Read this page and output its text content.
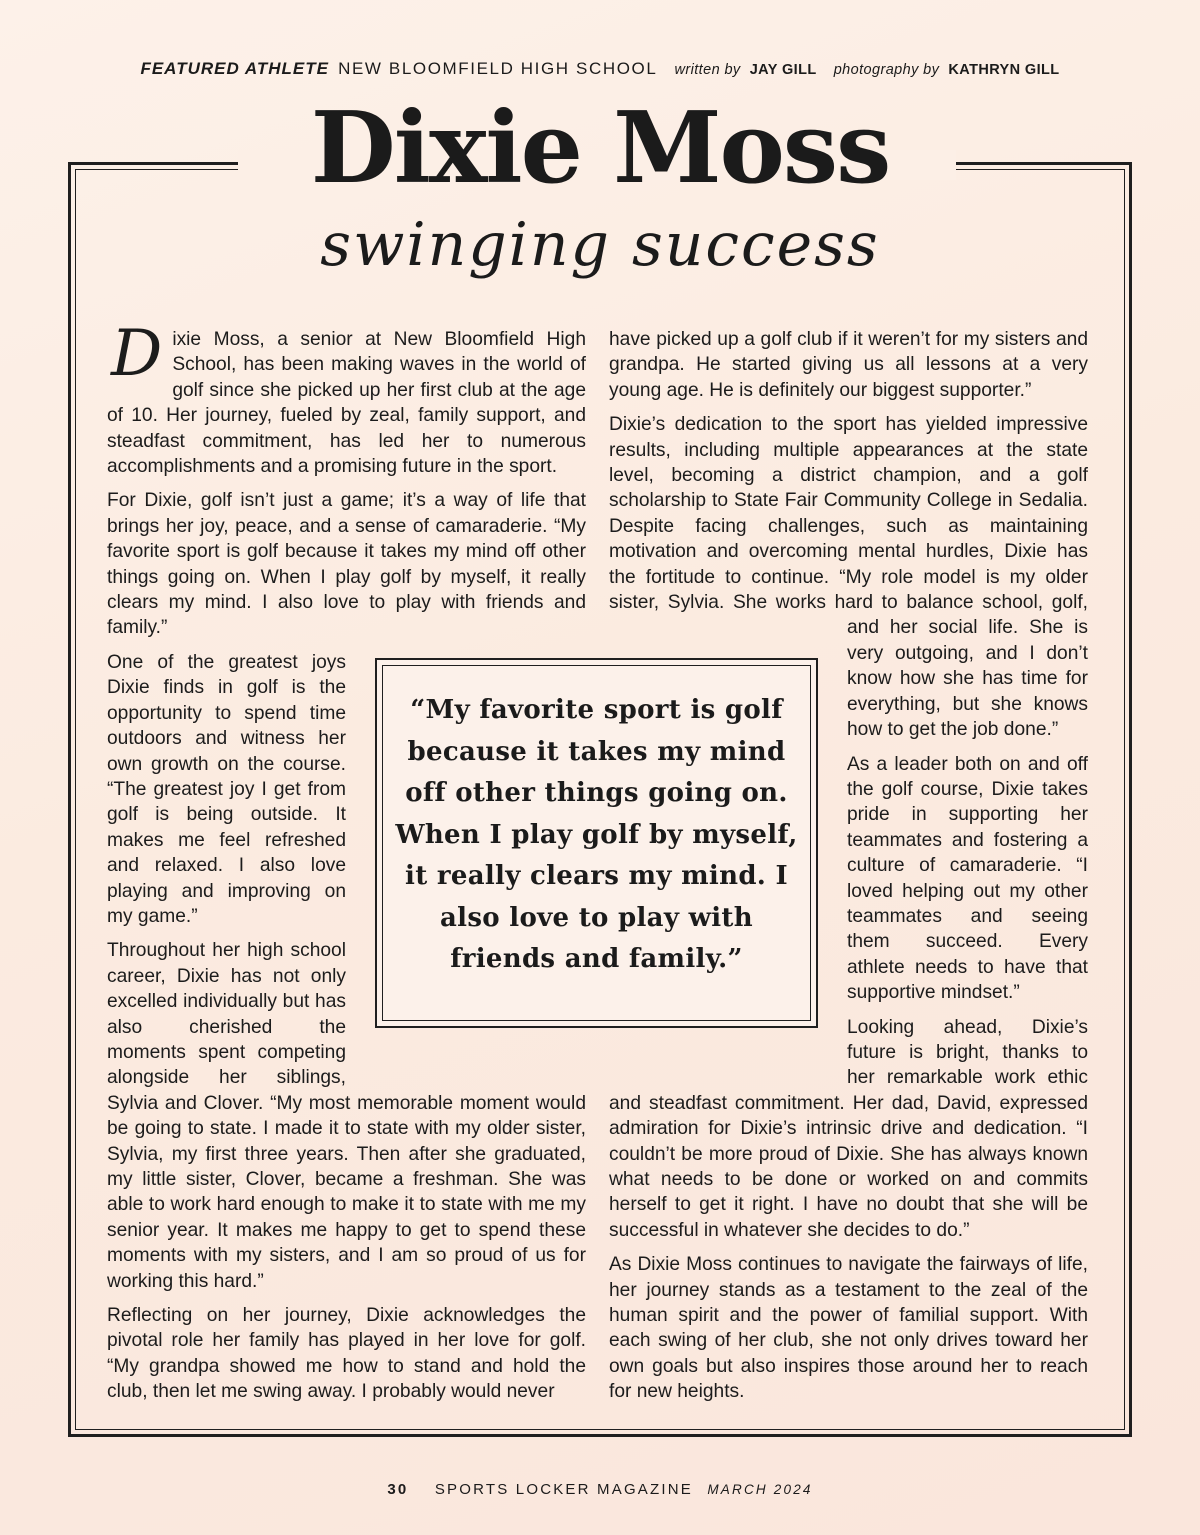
FEATURED ATHLETE NEW BLOOMFIELD HIGH SCHOOL written by JAY GILL photography by KATHRYN GILL
Dixie Moss
swinging success

D ixie Moss, a senior at New Bloomfield High School, has been making waves in the world of golf since she picked up her first club at the age of 10. Her journey, fueled by zeal, family support, and steadfast commitment, has led her to numerous accomplishments and a promising future in the sport.

For Dixie, golf isn’t just a game; it’s a way of life that brings her joy, peace, and a sense of camaraderie. “My favorite sport is golf because it takes my mind off other things going on. When I play golf by myself, it really clears my mind. I also love to play with friends and family.”

One of the greatest joys Dixie finds in golf is the opportunity to spend time outdoors and witness her own growth on the course. “The greatest joy I get from golf is being outside. It makes me feel refreshed and relaxed. I also love playing and improving on my game.”

Throughout her high school career, Dixie has not only excelled individually but has also cherished the moments spent competing alongside her siblings, Sylvia and Clover. “My most memorable moment would be going to state. I made it to state with my older sister, Sylvia, my first three years. Then after she graduated, my little sister, Clover, became a freshman. She was able to work hard enough to make it to state with me my senior year. It makes me happy to get to spend these moments with my sisters, and I am so proud of us for working this hard.”

Reflecting on her journey, Dixie acknowledges the pivotal role her family has played in her love for golf. “My grandpa showed me how to stand and hold the club, then let me swing away. I probably would never

have picked up a golf club if it weren’t for my sisters and grandpa. He started giving us all lessons at a very young age. He is definitely our biggest supporter.”

Dixie’s dedication to the sport has yielded impressive results, including multiple appearances at the state level, becoming a district champion, and a golf scholarship to State Fair Community College in Sedalia. Despite facing challenges, such as maintaining motivation and overcoming mental hurdles, Dixie has the fortitude to continue. “My role model is my older sister, Sylvia. She works hard to balance school, golf,
and her social life. She is very outgoing, and I don’t know how she has time for everything, but she knows how to get the job done.”

As a leader both on and off the golf course, Dixie takes pride in supporting her teammates and fostering a culture of camaraderie. “I loved helping out my other teammates and seeing them succeed. Every athlete needs to have that supportive mindset.”

Looking ahead, Dixie’s future is bright, thanks to her remarkable work ethic and steadfast commitment. Her dad, David, expressed admiration for Dixie’s intrinsic drive and dedication. “I couldn’t be more proud of Dixie. She has always known what needs to be done or worked on and commits herself to get it right. I have no doubt that she will be successful in whatever she decides to do.”

As Dixie Moss continues to navigate the fairways of life, her journey stands as a testament to the zeal of the human spirit and the power of familial support. With each swing of her club, she not only drives toward her own goals but also inspires those around her to reach for new heights.

“My favorite sport is golf because it takes my mind off other things going on. When I play golf by myself, it really clears my mind. I also love to play with friends and family.”
30 SPORTS LOCKER MAGAZINE MARCH 2024
